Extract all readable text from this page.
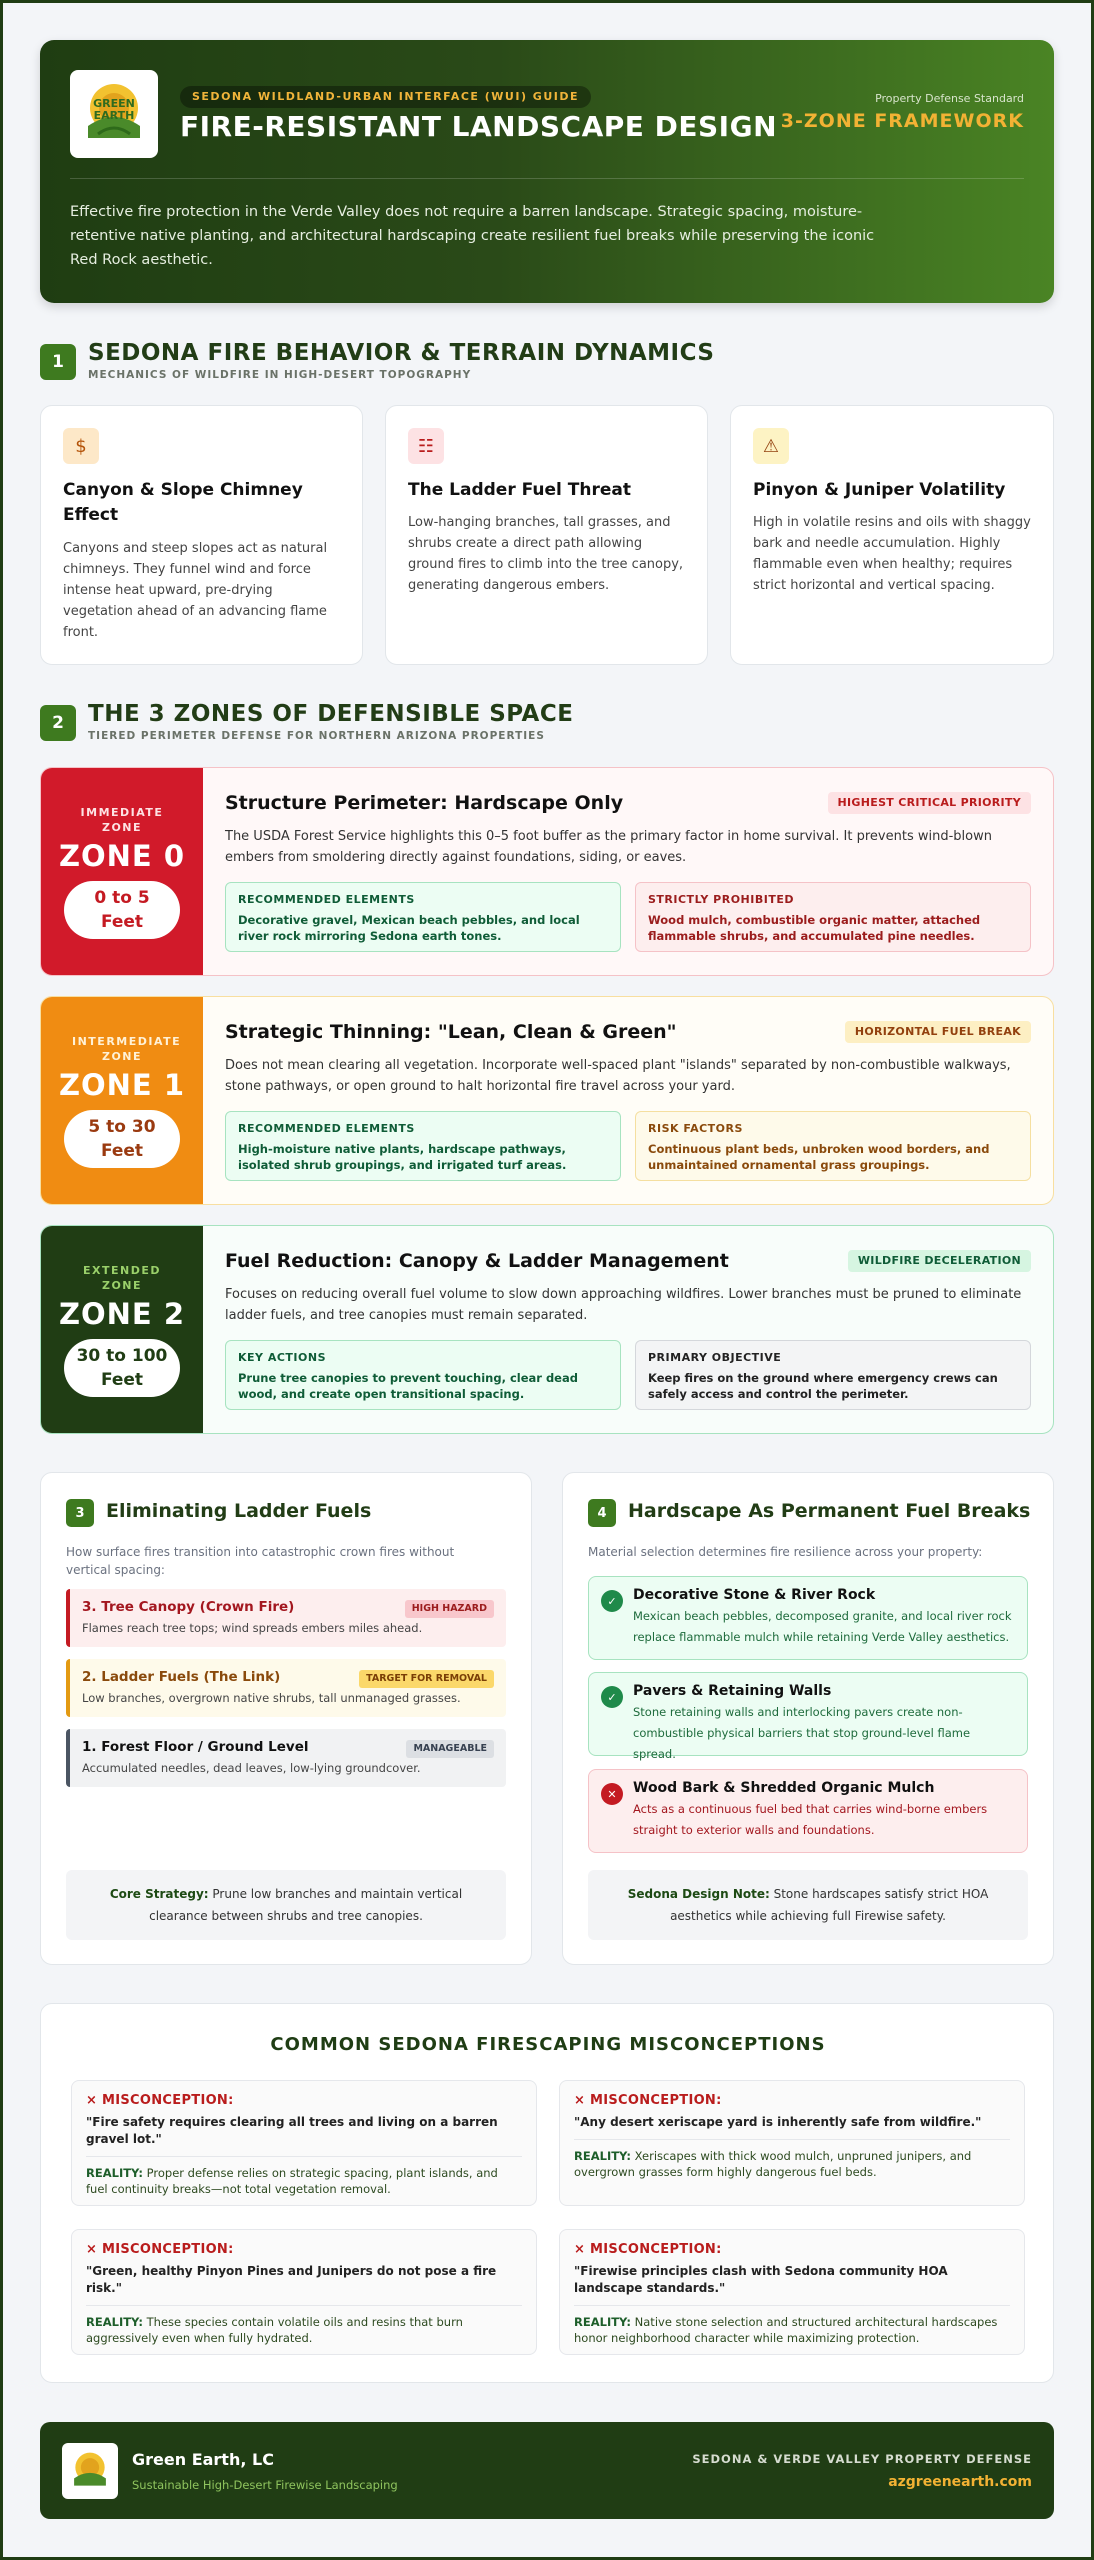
GREEN EARTH
SEDONA WILDLAND-URBAN INTERFACE (WUI) GUIDE
FIRE-RESISTANT LANDSCAPE DESIGN
Property Defense Standard
3-ZONE FRAMEWORK
Effective fire protection in the Verde Valley does not require a barren landscape. Strategic spacing, moisture-retentive native planting, and architectural hardscaping create resilient fuel breaks while preserving the iconic Red Rock aesthetic.
1	SEDONA FIRE BEHAVIOR & TERRAIN DYNAMICS
MECHANICS OF WILDFIRE IN HIGH-DESERT TOPOGRAPHY
$
Canyon & Slope Chimney Effect
Canyons and steep slopes act as natural chimneys. They funnel wind and force intense heat upward, pre-drying vegetation ahead of an advancing flame front.
☷
The Ladder Fuel Threat
Low-hanging branches, tall grasses, and shrubs create a direct path allowing ground fires to climb into the tree canopy, generating dangerous embers.
⚠
Pinyon & Juniper Volatility
High in volatile resins and oils with shaggy bark and needle accumulation. Highly flammable even when healthy; requires strict horizontal and vertical spacing.
2	THE 3 ZONES OF DEFENSIBLE SPACE
TIERED PERIMETER DEFENSE FOR NORTHERN ARIZONA PROPERTIES
IMMEDIATE ZONE
ZONE 0
0 to 5 Feet
Structure Perimeter: Hardscape Only	HIGHEST CRITICAL PRIORITY
The USDA Forest Service highlights this 0–5 foot buffer as the primary factor in home survival. It prevents wind-blown embers from smoldering directly against foundations, siding, or eaves.
RECOMMENDED ELEMENTS
Decorative gravel, Mexican beach pebbles, and local river rock mirroring Sedona earth tones.
STRICTLY PROHIBITED
Wood mulch, combustible organic matter, attached flammable shrubs, and accumulated pine needles.
INTERMEDIATE ZONE
ZONE 1
5 to 30 Feet
Strategic Thinning: "Lean, Clean & Green"	HORIZONTAL FUEL BREAK
Does not mean clearing all vegetation. Incorporate well-spaced plant "islands" separated by non-combustible walkways, stone pathways, or open ground to halt horizontal fire travel across your yard.
RECOMMENDED ELEMENTS
High-moisture native plants, hardscape pathways, isolated shrub groupings, and irrigated turf areas.
RISK FACTORS
Continuous plant beds, unbroken wood borders, and unmaintained ornamental grass groupings.
EXTENDED ZONE
ZONE 2
30 to 100 Feet
Fuel Reduction: Canopy & Ladder Management	WILDFIRE DECELERATION
Focuses on reducing overall fuel volume to slow down approaching wildfires. Lower branches must be pruned to eliminate ladder fuels, and tree canopies must remain separated.
KEY ACTIONS
Prune tree canopies to prevent touching, clear dead wood, and create open transitional spacing.
PRIMARY OBJECTIVE
Keep fires on the ground where emergency crews can safely access and control the perimeter.
3	Eliminating Ladder Fuels
How surface fires transition into catastrophic crown fires without vertical spacing:
3. Tree Canopy (Crown Fire)
Flames reach tree tops; wind spreads embers miles ahead.
HIGH HAZARD
2. Ladder Fuels (The Link)
Low branches, overgrown native shrubs, tall unmanaged grasses.
TARGET FOR REMOVAL
1. Forest Floor / Ground Level
Accumulated needles, dead leaves, low-lying groundcover.
MANAGEABLE
Core Strategy: Prune low branches and maintain vertical clearance between shrubs and tree canopies.
4	Hardscape As Permanent Fuel Breaks
Material selection determines fire resilience across your property:
✓	Decorative Stone & River Rock
Mexican beach pebbles, decomposed granite, and local river rock replace flammable mulch while retaining Verde Valley aesthetics.
✓	Pavers & Retaining Walls
Stone retaining walls and interlocking pavers create non-combustible physical barriers that stop ground-level flame spread.
✕	Wood Bark & Shredded Organic Mulch
Acts as a continuous fuel bed that carries wind-borne embers straight to exterior walls and foundations.
Sedona Design Note: Stone hardscapes satisfy strict HOA aesthetics while achieving full Firewise safety.
COMMON SEDONA FIRESCAPING MISCONCEPTIONS
× MISCONCEPTION:
"Fire safety requires clearing all trees and living on a barren gravel lot."
REALITY: Proper defense relies on strategic spacing, plant islands, and fuel continuity breaks—not total vegetation removal.
× MISCONCEPTION:
"Any desert xeriscape yard is inherently safe from wildfire."
REALITY: Xeriscapes with thick wood mulch, unpruned junipers, and overgrown grasses form highly dangerous fuel beds.
× MISCONCEPTION:
"Green, healthy Pinyon Pines and Junipers do not pose a fire risk."
REALITY: These species contain volatile oils and resins that burn aggressively even when fully hydrated.
× MISCONCEPTION:
"Firewise principles clash with Sedona community HOA landscape standards."
REALITY: Native stone selection and structured architectural hardscapes honor neighborhood character while maximizing protection.
Green Earth, LC
Sustainable High-Desert Firewise Landscaping
SEDONA & VERDE VALLEY PROPERTY DEFENSE
azgreenearth.com
